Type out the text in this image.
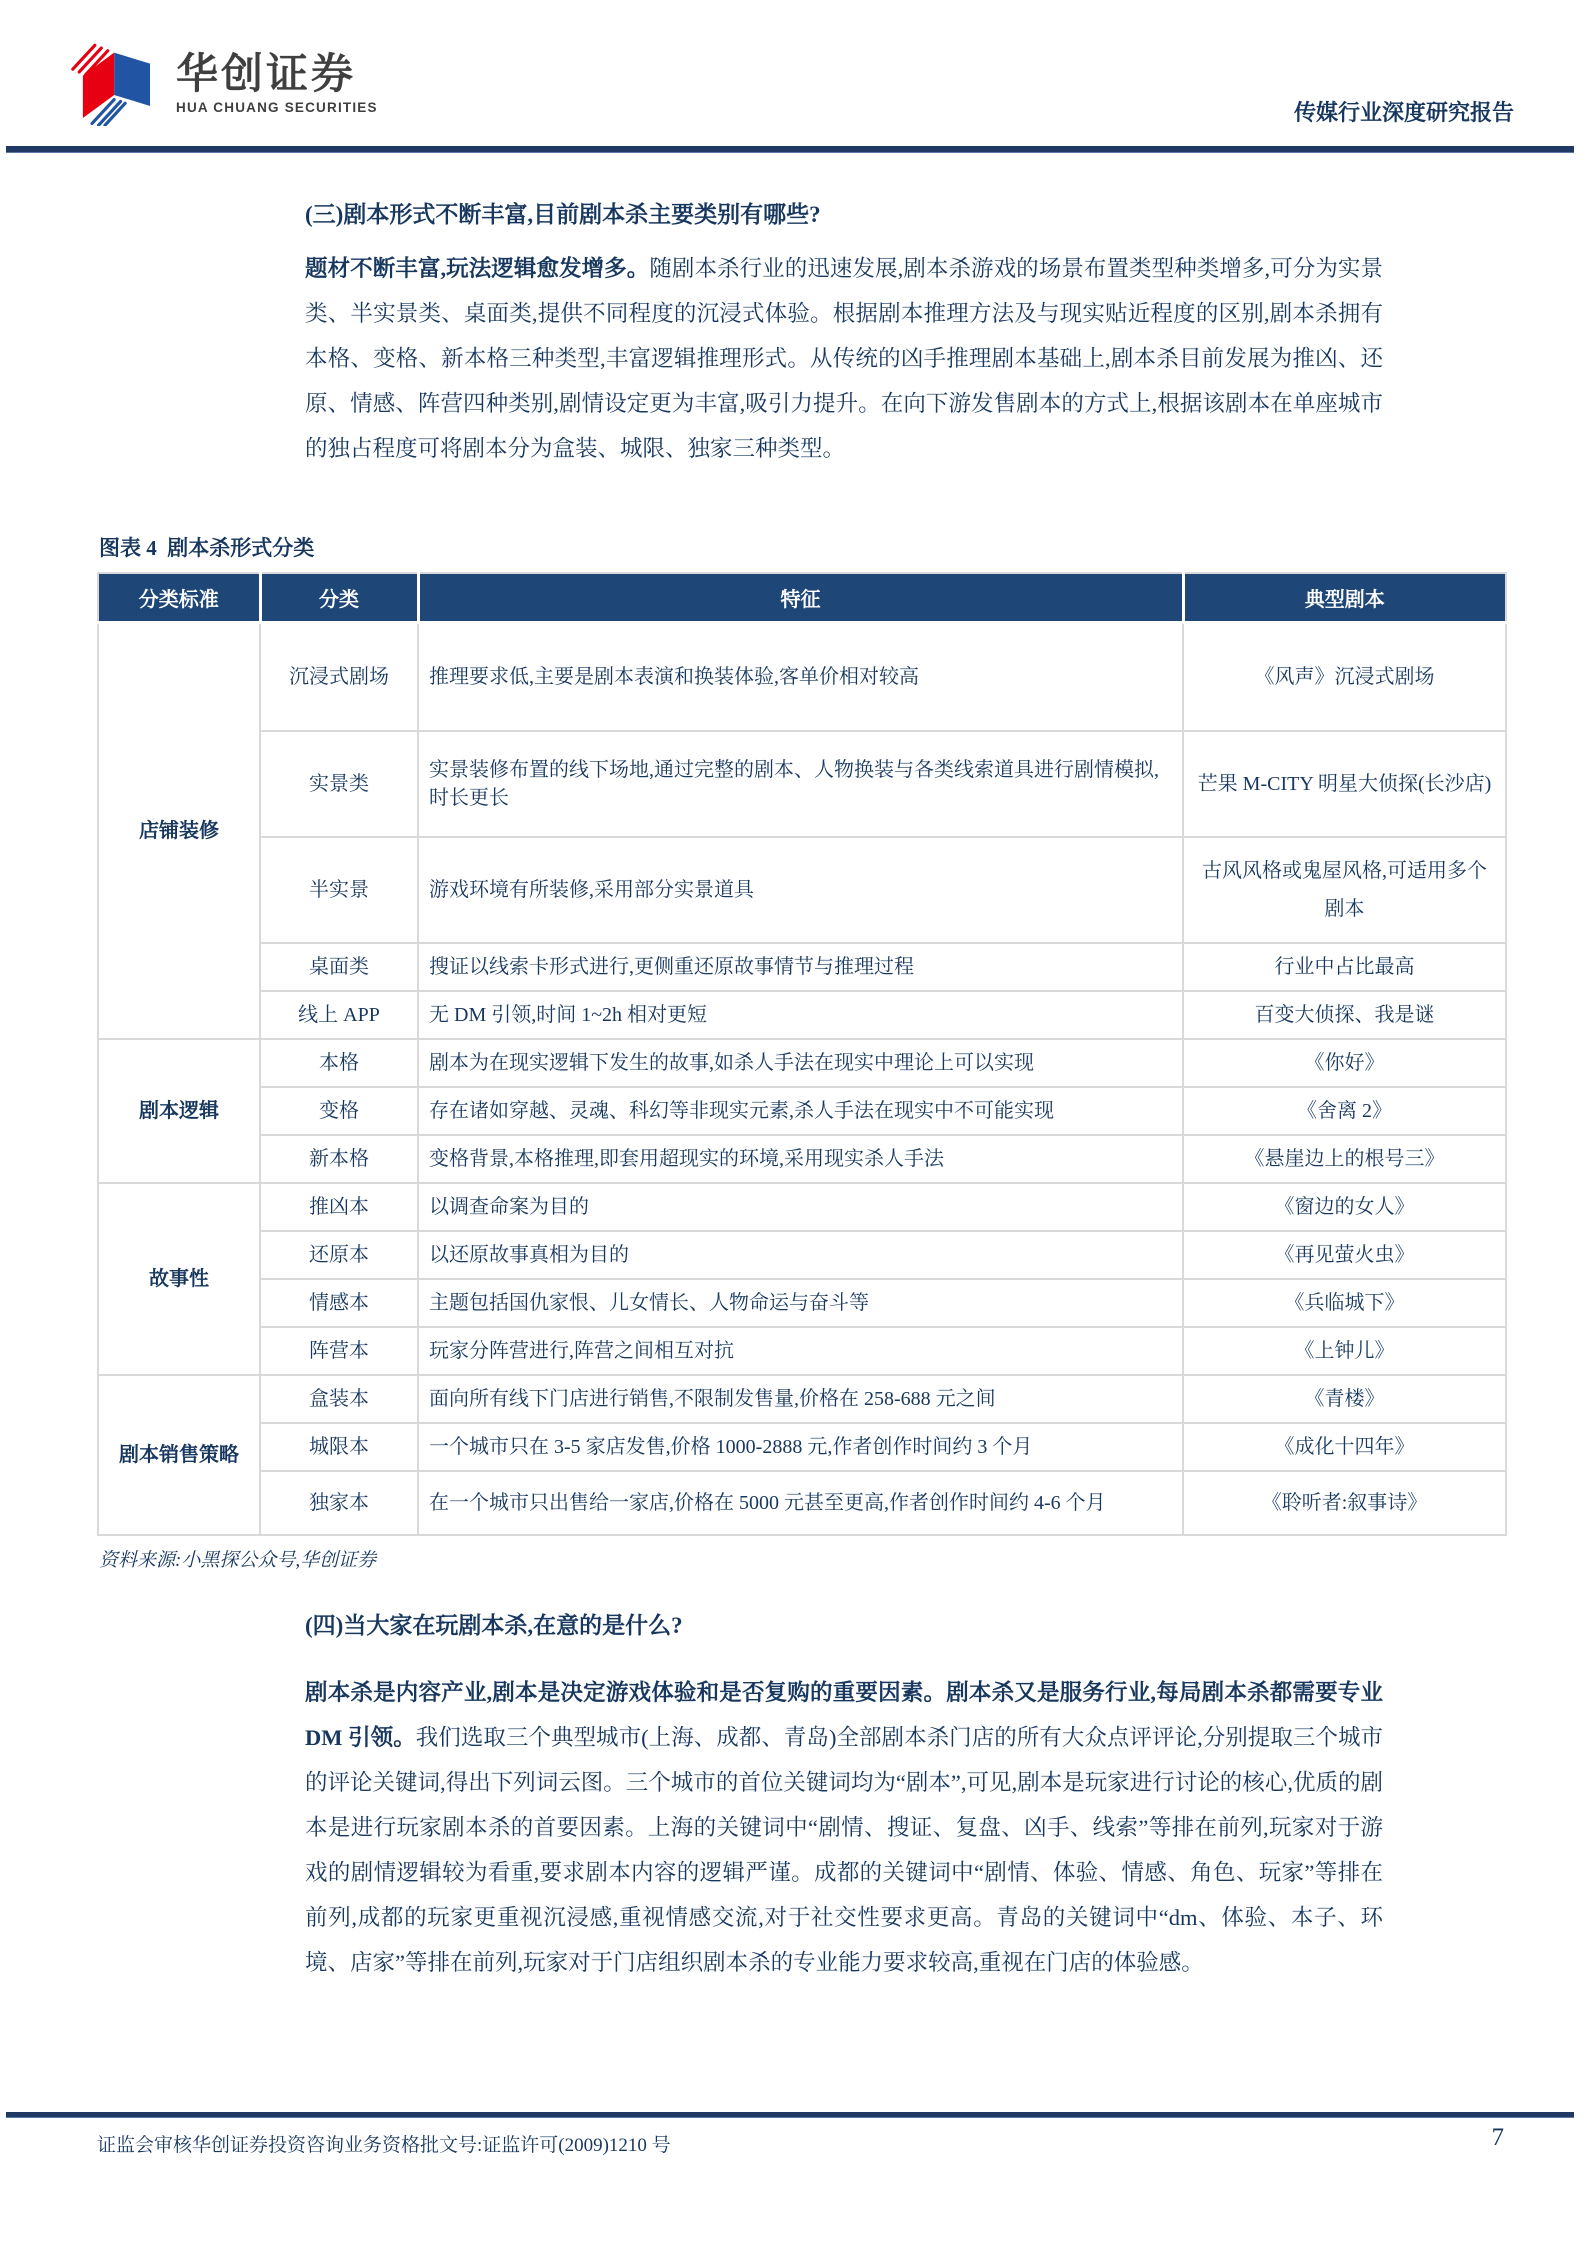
华创证券
HUA CHUANG SECURITIES	传媒行业深度研究报告
(三)剧本形式不断丰富,目前剧本杀主要类别有哪些?

题材不断丰富,玩法逻辑愈发增多。随剧本杀行业的迅速发展,剧本杀游戏的场景布置类型种类增多,可分为实景类、半实景类、桌面类,提供不同程度的沉浸式体验。根据剧本推理方法及与现实贴近程度的区别,剧本杀拥有本格、变格、新本格三种类型,丰富逻辑推理形式。从传统的凶手推理剧本基础上,剧本杀目前发展为推凶、还原、情感、阵营四种类别,剧情设定更为丰富,吸引力提升。在向下游发售剧本的方式上,根据该剧本在单座城市的独占程度可将剧本分为盒装、城限、独家三种类型。

图表 4  剧本杀形式分类

分类标准	分类	特征	典型剧本
店铺装修	沉浸式剧场	推理要求低,主要是剧本表演和换装体验,客单价相对较高	《风声》沉浸式剧场
	实景类	实景装修布置的线下场地,通过完整的剧本、人物换装与各类线索道具进行剧情模拟,时长更长	芒果 M-CITY 明星大侦探(长沙店)
	半实景	游戏环境有所装修,采用部分实景道具	古风风格或鬼屋风格,可适用多个剧本
	桌面类	搜证以线索卡形式进行,更侧重还原故事情节与推理过程	行业中占比最高
	线上 APP	无 DM 引领,时间 1~2h 相对更短	百变大侦探、我是谜
剧本逻辑	本格	剧本为在现实逻辑下发生的故事,如杀人手法在现实中理论上可以实现	《你好》
	变格	存在诸如穿越、灵魂、科幻等非现实元素,杀人手法在现实中不可能实现	《舍离 2》
	新本格	变格背景,本格推理,即套用超现实的环境,采用现实杀人手法	《悬崖边上的根号三》
故事性	推凶本	以调查命案为目的	《窗边的女人》
	还原本	以还原故事真相为目的	《再见萤火虫》
	情感本	主题包括国仇家恨、儿女情长、人物命运与奋斗等	《兵临城下》
	阵营本	玩家分阵营进行,阵营之间相互对抗	《上钟儿》
剧本销售策略	盒装本	面向所有线下门店进行销售,不限制发售量,价格在 258-688 元之间	《青楼》
	城限本	一个城市只在 3-5 家店发售,价格 1000-2888 元,作者创作时间约 3 个月	《成化十四年》
	独家本	在一个城市只出售给一家店,价格在 5000 元甚至更高,作者创作时间约 4-6 个月	《聆听者:叙事诗》

资料来源:小黑探公众号,华创证券

(四)当大家在玩剧本杀,在意的是什么?

剧本杀是内容产业,剧本是决定游戏体验和是否复购的重要因素。剧本杀又是服务行业,每局剧本杀都需要专业 DM 引领。我们选取三个典型城市(上海、成都、青岛)全部剧本杀门店的所有大众点评评论,分别提取三个城市的评论关键词,得出下列词云图。三个城市的首位关键词均为“剧本”,可见,剧本是玩家进行讨论的核心,优质的剧本是进行玩家剧本杀的首要因素。上海的关键词中“剧情、搜证、复盘、凶手、线索”等排在前列,玩家对于游戏的剧情逻辑较为看重,要求剧本内容的逻辑严谨。成都的关键词中“剧情、体验、情感、角色、玩家”等排在前列,成都的玩家更重视沉浸感,重视情感交流,对于社交性要求更高。青岛的关键词中“dm、体验、本子、环境、店家”等排在前列,玩家对于门店组织剧本杀的专业能力要求较高,重视在门店的体验感。

证监会审核华创证券投资咨询业务资格批文号:证监许可(2009)1210 号	7
